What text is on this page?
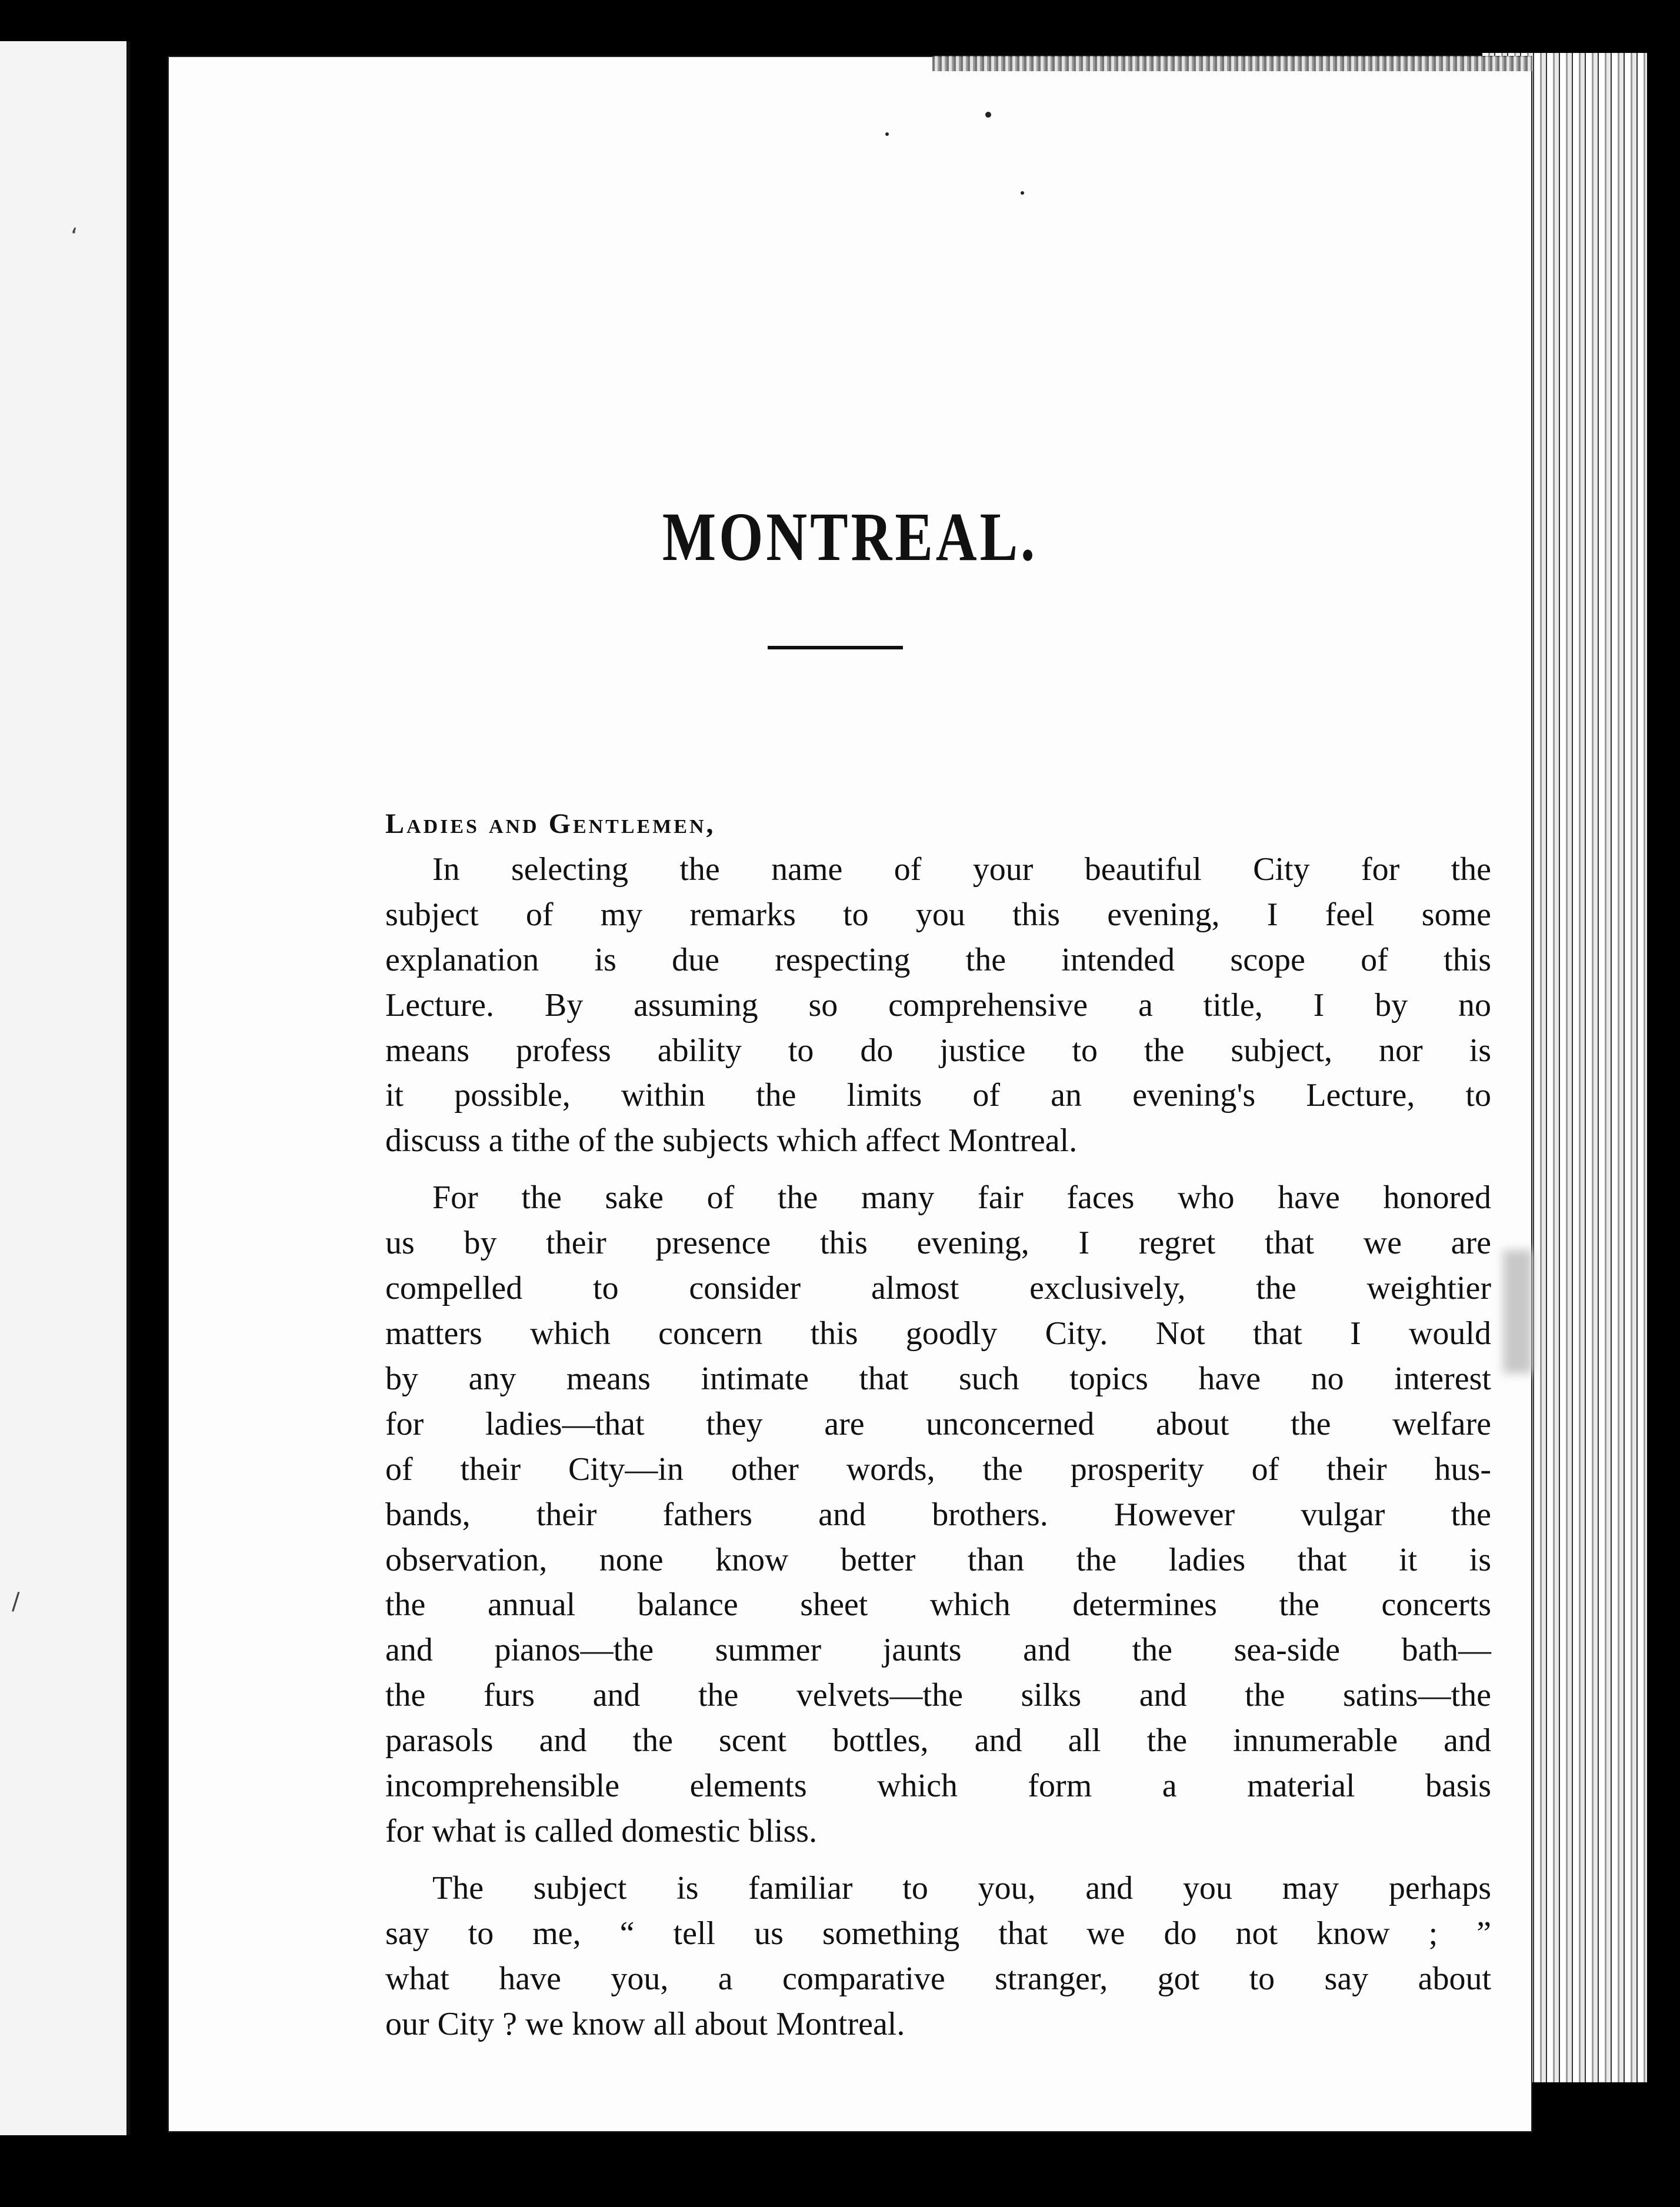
‘
/
MONTREAL.
Ladies and Gentlemen,

In selecting the name of your beautiful City for the
subject of my remarks to you this evening, I feel some
explanation is due respecting the intended scope of this
Lecture. By assuming so comprehensive a title, I by no
means profess ability to do justice to the subject, nor is
it possible, within the limits of an evening's Lecture, to
discuss a tithe of the subjects which affect Montreal.

For the sake of the many fair faces who have honored
us by their presence this evening, I regret that we are
compelled to consider almost exclusively, the weightier
matters which concern this goodly City. Not that I would
by any means intimate that such topics have no interest
for ladies—that they are unconcerned about the welfare
of their City—in other words, the prosperity of their hus-
bands, their fathers and brothers. However vulgar the
observation, none know better than the ladies that it is
the annual balance sheet which determines the concerts
and pianos—the summer jaunts and the sea-side bath—
the furs and the velvets—the silks and the satins—the
parasols and the scent bottles, and all the innumerable and
incomprehensible elements which form a material basis
for what is called domestic bliss.

The subject is familiar to you, and you may perhaps
say to me, “ tell us something that we do not know ; ”
what have you, a comparative stranger, got to say about
our City ? we know all about Montreal.
